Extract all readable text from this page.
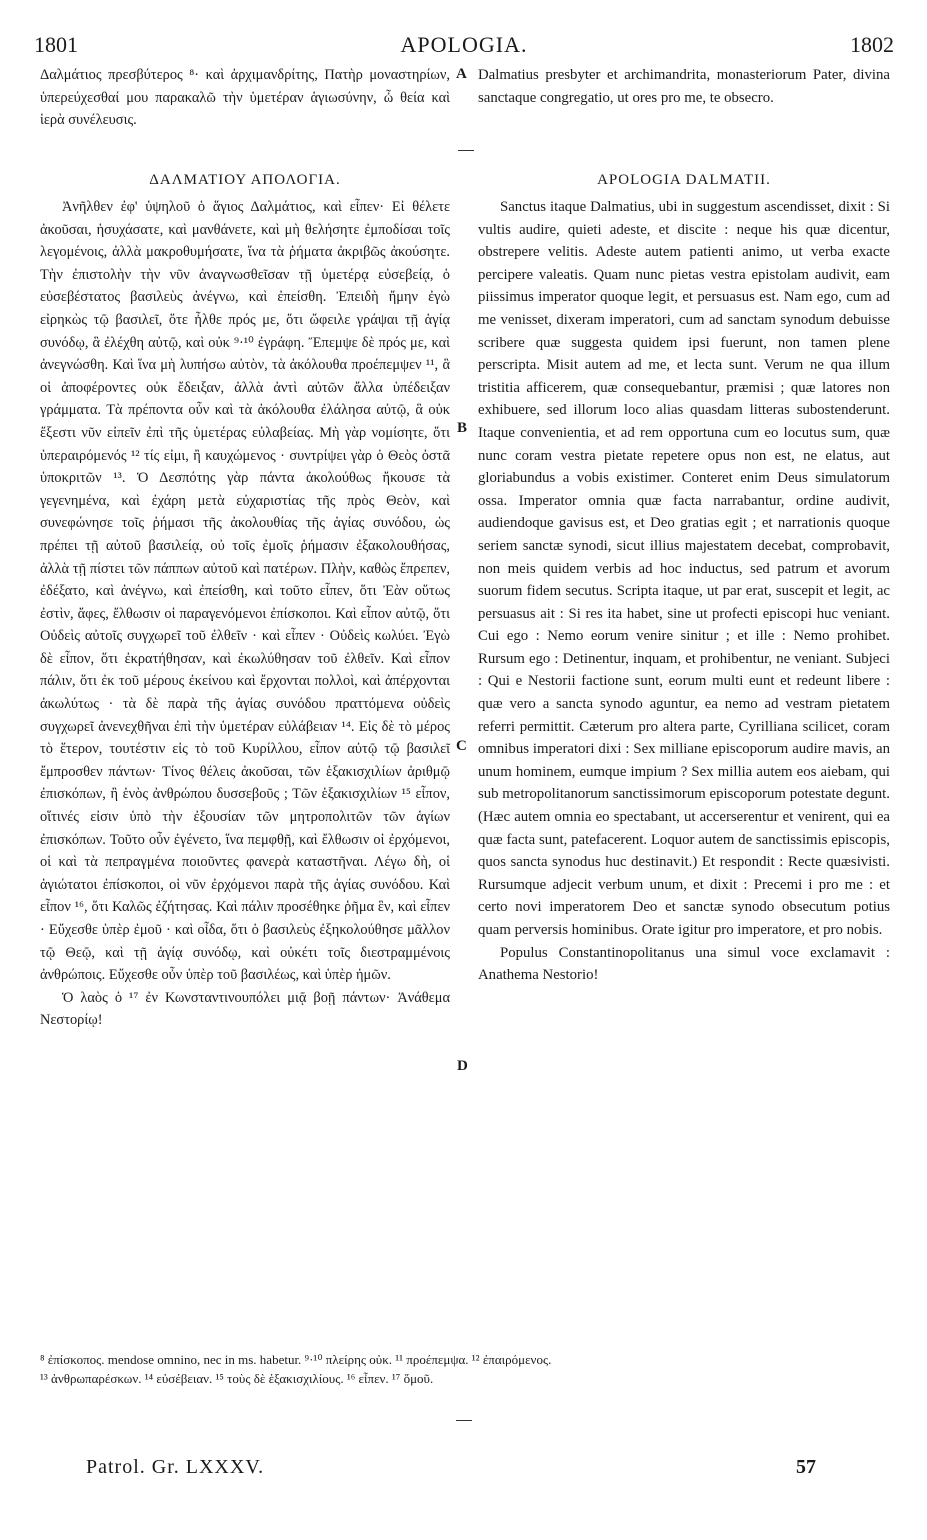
1801	APOLOGIA.	1802

Δαλμάτιος πρεσβύτερος ⁸· καὶ ἀρχιμανδρίτης, Πατὴρ μοναστηρίων, ὑπερεύχεσθαί μου παρακαλῶ τὴν ὑμετέραν ἁγιωσύνην, ὦ θεία καὶ ἱερὰ συνέλευσις.

Dalmatius presbyter et archimandrita, monasteriorum Pater, divina sanctaque congregatio, ut ores pro me, te obsecro.

A
ΔΑΛΜΑΤΙΟΥ ΑΠΟΛΟΓΙΑ.	APOLOGIA DALMATII.

Ἀνῆλθεν ἐφ' ὑψηλοῦ ὁ ἅγιος Δαλμάτιος, καὶ εἶπεν· Εἰ θέλετε ἀκοῦσαι, ἡσυχάσατε, καὶ μανθάνετε, καὶ μὴ θελήσητε ἐμποδίσαι τοῖς λεγομένοις, ἀλλὰ μακροθυμήσατε, ἵνα τὰ ῥήματα ἀκριβῶς ἀκούσητε. Τὴν ἐπιστολὴν τὴν νῦν ἀναγνωσθεῖσαν τῇ ὑμετέρᾳ εὐσεβείᾳ, ὁ εὐσεβέστατος βασιλεὺς ἀνέγνω, καὶ ἐπείσθη. Ἐπειδὴ ἤμην ἐγὼ εἰρηκὼς τῷ βασιλεῖ, ὅτε ἦλθε πρός με, ὅτι ὤφειλε γράψαι τῇ ἁγίᾳ συνόδῳ, ἃ ἐλέχθη αὐτῷ, καὶ οὐκ ⁹·¹⁰ ἐγράφη. Ἔπεμψε δὲ πρός με, καὶ ἀνεγνώσθη. Καὶ ἵνα μὴ λυπήσω αὐτὸν, τὰ ἀκόλουθα προέπεμψεν ¹¹, ἃ οἱ ἀποφέροντες οὐκ ἔδειξαν, ἀλλὰ ἀντὶ αὐτῶν ἄλλα ὑπέδειξαν γράμματα. Τὰ πρέποντα οὖν καὶ τὰ ἀκόλουθα ἐλάλησα αὐτῷ, ἃ οὐκ ἔξεστι νῦν εἰπεῖν ἐπὶ τῆς ὑμετέρας εὐλαβείας. Μὴ γὰρ νομίσητε, ὅτι ὑπεραιρόμενός ¹² τίς εἰμι, ἢ καυχώμενος · συντρίψει γὰρ ὁ Θεὸς ὀστᾶ ὑποκριτῶν ¹³. Ὁ Δεσπότης γὰρ πάντα ἀκολούθως ἤκουσε τὰ γεγενημένα, καὶ ἐχάρη μετὰ εὐχαριστίας τῆς πρὸς Θεὸν, καὶ συνεφώνησε τοῖς ῥήμασι τῆς ἀκολουθίας τῆς ἁγίας συνόδου, ὡς πρέπει τῇ αὐτοῦ βασιλείᾳ, οὐ τοῖς ἐμοῖς ῥήμασιν ἐξακολουθήσας, ἀλλὰ τῇ πίστει τῶν πάππων αὐτοῦ καὶ πατέρων. Πλὴν, καθὼς ἔπρεπεν, ἐδέξατο, καὶ ἀνέγνω, καὶ ἐπείσθη, καὶ τοῦτο εἶπεν, ὅτι Ἐὰν οὕτως ἐστὶν, ἄφες, ἔλθωσιν οἱ παραγενόμενοι ἐπίσκοποι. Καὶ εἶπον αὐτῷ, ὅτι Οὐδεὶς αὐτοῖς συγχωρεῖ τοῦ ἐλθεῖν · καὶ εἶπεν · Οὐδεὶς κωλύει. Ἐγὼ δὲ εἶπον, ὅτι ἐκρατήθησαν, καὶ ἐκωλύθησαν τοῦ ἐλθεῖν. Καὶ εἶπον πάλιν, ὅτι ἐκ τοῦ μέρους ἐκείνου καὶ ἔρχονται πολλοὶ, καὶ ἀπέρχονται ἀκωλύτως · τὰ δὲ παρὰ τῆς ἁγίας συνόδου πραττόμενα οὐδεὶς συγχωρεῖ ἀνενεχθῆναι ἐπὶ τὴν ὑμετέραν εὐλάβειαν ¹⁴. Εἰς δὲ τὸ μέρος τὸ ἕτερον, τουτέστιν εἰς τὸ τοῦ Κυρίλλου, εἶπον αὐτῷ τῷ βασιλεῖ ἔμπροσθεν πάντων· Τίνος θέλεις ἀκοῦσαι, τῶν ἑξακισχιλίων ἀριθμῷ ἐπισκόπων, ἢ ἑνὸς ἀνθρώπου δυσσεβοῦς ; Τῶν ἑξακισχιλίων ¹⁵ εἶπον, οἵτινές εἰσιν ὑπὸ τὴν ἐξουσίαν τῶν μητροπολιτῶν τῶν ἁγίων ἐπισκόπων. Τοῦτο οὖν ἐγένετο, ἵνα πεμφθῇ, καὶ ἔλθωσιν οἱ ἐρχόμενοι, οἱ καὶ τὰ πεπραγμένα ποιοῦντες φανερὰ καταστῆναι. Λέγω δὴ, οἱ ἁγιώτατοι ἐπίσκοποι, οἱ νῦν ἐρχόμενοι παρὰ τῆς ἁγίας συνόδου. Καὶ εἶπον ¹⁶, ὅτι Καλῶς ἐζήτησας. Καὶ πάλιν προσέθηκε ῥῆμα ἓν, καὶ εἶπεν · Εὔχεσθε ὑπὲρ ἐμοῦ · καὶ οἶδα, ὅτι ὁ βασιλεὺς ἐξηκολούθησε μᾶλλον τῷ Θεῷ, καὶ τῇ ἁγίᾳ συνόδῳ, καὶ οὐκέτι τοῖς διεστραμμένοις ἀνθρώποις. Εὔχεσθε οὖν ὑπὲρ τοῦ βασιλέως, καὶ ὑπὲρ ἡμῶν.

Ὁ λαὸς ὁ ¹⁷ ἐν Κωνσταντινουπόλει μιᾷ βοῇ πάντων· Ἀνάθεμα Νεστορίῳ!

Sanctus itaque Dalmatius, ubi in suggestum ascendisset, dixit : Si vultis audire, quieti adeste, et discite : neque his quæ dicentur, obstrepere velitis. Adeste autem patienti animo, ut verba exacte percipere valeatis. Quam nunc pietas vestra epistolam audivit, eam piissimus imperator quoque legit, et persuasus est. Nam ego, cum ad me venisset, dixeram imperatori, cum ad sanctam synodum debuisse scribere quæ suggesta quidem ipsi fuerunt, non tamen plene perscripta. Misit autem ad me, et lecta sunt. Verum ne qua illum tristitia afficerem, quæ consequebantur, præmisi ; quæ latores non exhibuere, sed illorum loco alias quasdam litteras subostenderunt. Itaque convenientia, et ad rem opportuna cum eo locutus sum, quæ nunc coram vestra pietate repetere opus non est, ne elatus, aut gloriabundus a vobis existimer. Conteret enim Deus simulatorum ossa. Imperator omnia quæ facta narrabantur, ordine audivit, audiendoque gavisus est, et Deo gratias egit ; et narrationis quoque seriem sanctæ synodi, sicut illius majestatem decebat, comprobavit, non meis quidem verbis ad hoc inductus, sed patrum et avorum suorum fidem secutus. Scripta itaque, ut par erat, suscepit et legit, ac persuasus ait : Si res ita habet, sine ut profecti episcopi huc veniant. Cui ego : Nemo eorum venire sinitur ; et ille : Nemo prohibet. Rursum ego : Detinentur, inquam, et prohibentur, ne veniant. Subjeci : Qui e Nestorii factione sunt, eorum multi eunt et redeunt libere : quæ vero a sancta synodo aguntur, ea nemo ad vestram pietatem referri permittit. Cæterum pro altera parte, Cyrilliana scilicet, coram omnibus imperatori dixi : Sex milliane episcoporum audire mavis, an unum hominem, eumque impium ? Sex millia autem eos aiebam, qui sub metropolitanorum sanctissimorum episcoporum potestate degunt. (Hæc autem omnia eo spectabant, ut accerserentur et venirent, qui ea quæ facta sunt, patefacerent. Loquor autem de sanctissimis episcopis, quos sancta synodus huc destinavit.) Et respondit : Recte quæsivisti. Rursumque adjecit verbum unum, et dixit : Precemi i pro me : et certo novi imperatorem Deo et sanctæ synodo obsecutum potius quam perversis hominibus. Orate igitur pro imperatore, et pro nobis.

Populus Constantinopolitanus una simul voce exclamavit : Anathema Nestorio!

B
C
D

⁸ ἐπίσκοπος. mendose omnino, nec in ms. habetur. ⁹·¹⁰ πλείρης οὐκ. ¹¹ προέπεμψα. ¹² ἐπαιρόμενος.

¹³ ἀνθρωπαρέσκων. ¹⁴ εὐσέβειαν. ¹⁵ τοὺς δὲ ἑξακισχιλίους. ¹⁶ εἶπεν. ¹⁷ ὅμοῦ.

Patrol. Gr. LXXXV.	57
